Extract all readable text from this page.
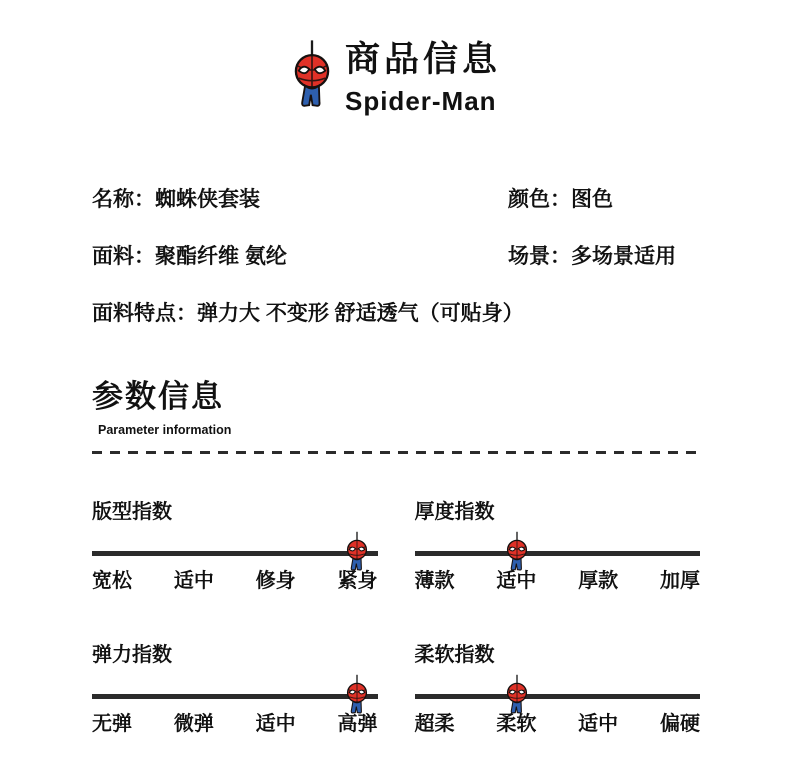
商品信息
Spider-Man
名称：蜘蛛侠套装	颜色：图色
面料：聚酯纤维 氨纶	场景：多场景适用
面料特点：弹力大 不变形 舒适透气（可贴身）
参数信息
Parameter information
版型指数
宽松 适中 修身 紧身
厚度指数
薄款 适中 厚款 加厚
弹力指数
无弹 微弹 适中 高弹
柔软指数
超柔 柔软 适中 偏硬
